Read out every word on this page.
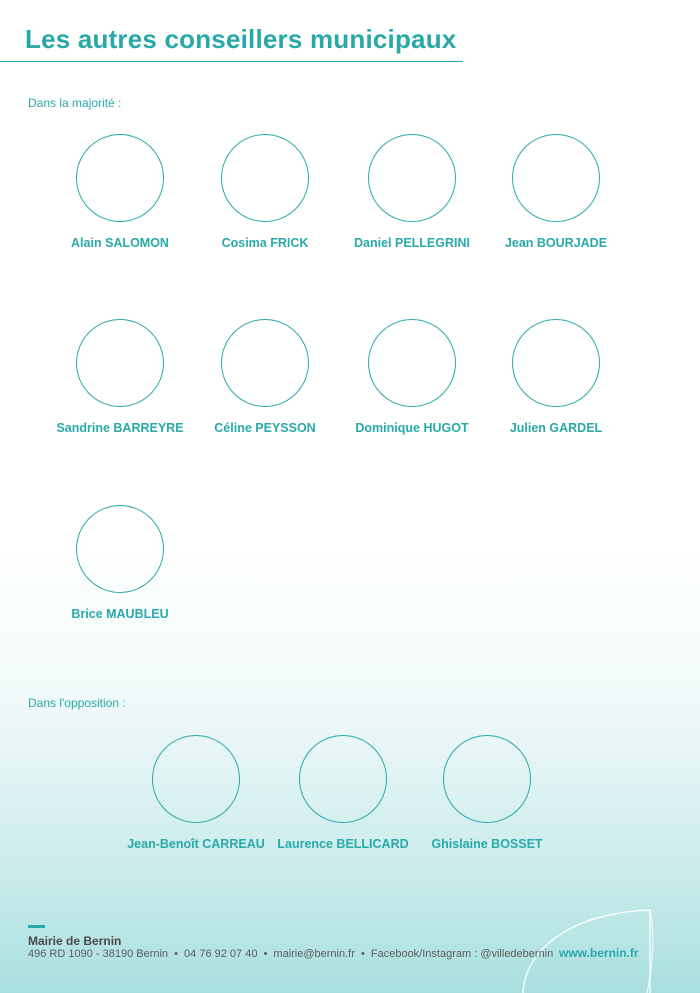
Les autres conseillers municipaux
Dans la majorité :
Alain SALOMON	Cosima FRICK	Daniel PELLEGRINI	Jean BOURJADE
Sandrine BARREYRE	Céline PEYSSON	Dominique HUGOT	Julien GARDEL
Brice MAUBLEU
Dans l'opposition :
Jean-Benoît CARREAU	Laurence BELLICARD	Ghislaine BOSSET
Mairie de Bernin
496 RD 1090 - 38190 Bernin • 04 76 92 07 40 • mairie@bernin.fr • Facebook/Instagram : @villedebernin www.bernin.fr
